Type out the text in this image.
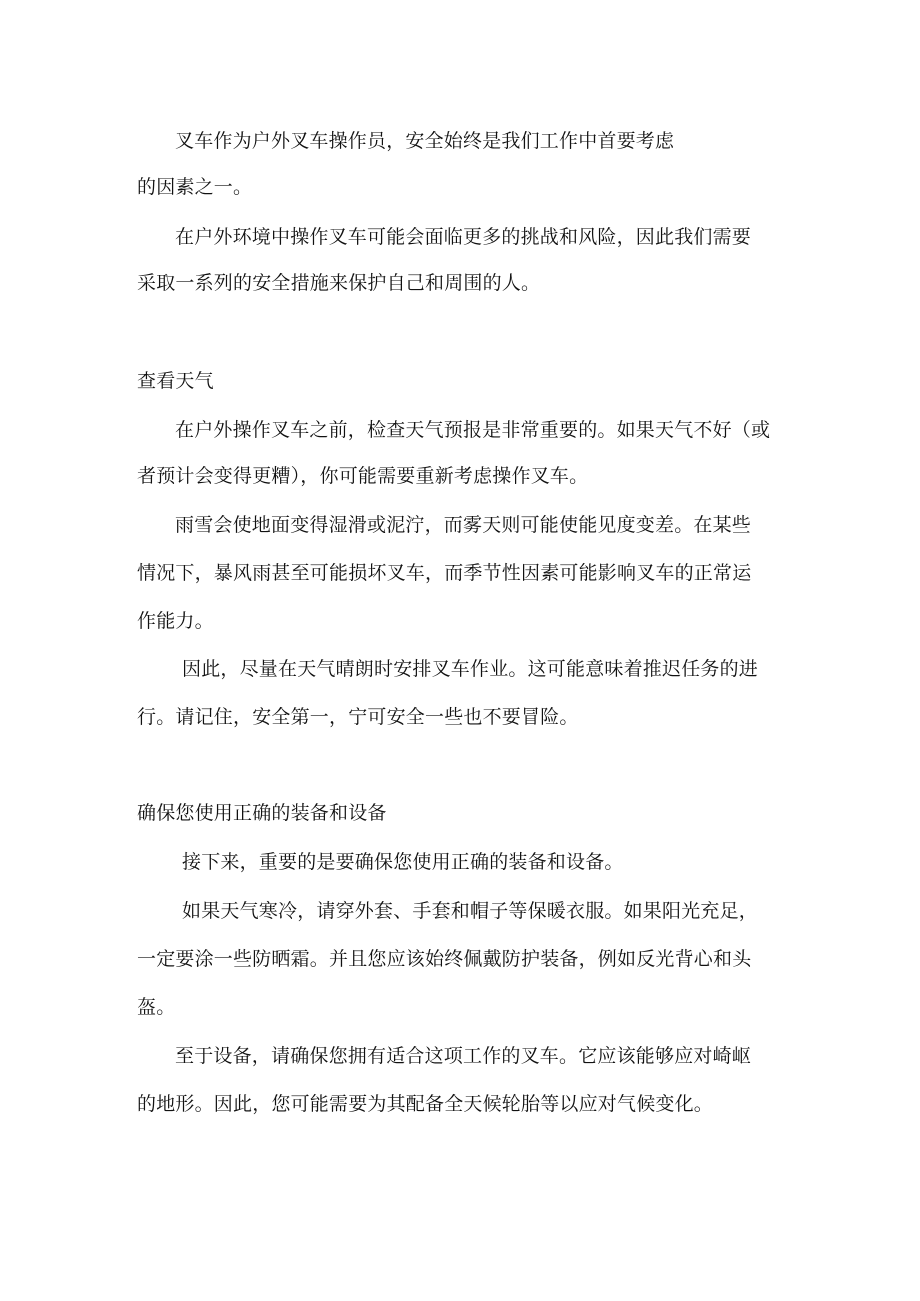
叉车作为户外叉车操作员，安全始终是我们工作中首要考虑
的因素之一。
在户外环境中操作叉车可能会面临更多的挑战和风险，因此我们需要
采取一系列的安全措施来保护自己和周围的人。
查看天气
在户外操作叉车之前，检查天气预报是非常重要的。如果天气不好（或
者预计会变得更糟），你可能需要重新考虑操作叉车。
雨雪会使地面变得湿滑或泥泞，而雾天则可能使能见度变差。在某些
情况下，暴风雨甚至可能损坏叉车，而季节性因素可能影响叉车的正常运
作能力。
因此，尽量在天气晴朗时安排叉车作业。这可能意味着推迟任务的进
行。请记住，安全第一，宁可安全一些也不要冒险。
确保您使用正确的装备和设备
接下来，重要的是要确保您使用正确的装备和设备。
如果天气寒冷，请穿外套、手套和帽子等保暖衣服。如果阳光充足，
一定要涂一些防晒霜。并且您应该始终佩戴防护装备，例如反光背心和头
盔。
至于设备，请确保您拥有适合这项工作的叉车。它应该能够应对崎岖
的地形。因此，您可能需要为其配备全天候轮胎等以应对气候变化。
